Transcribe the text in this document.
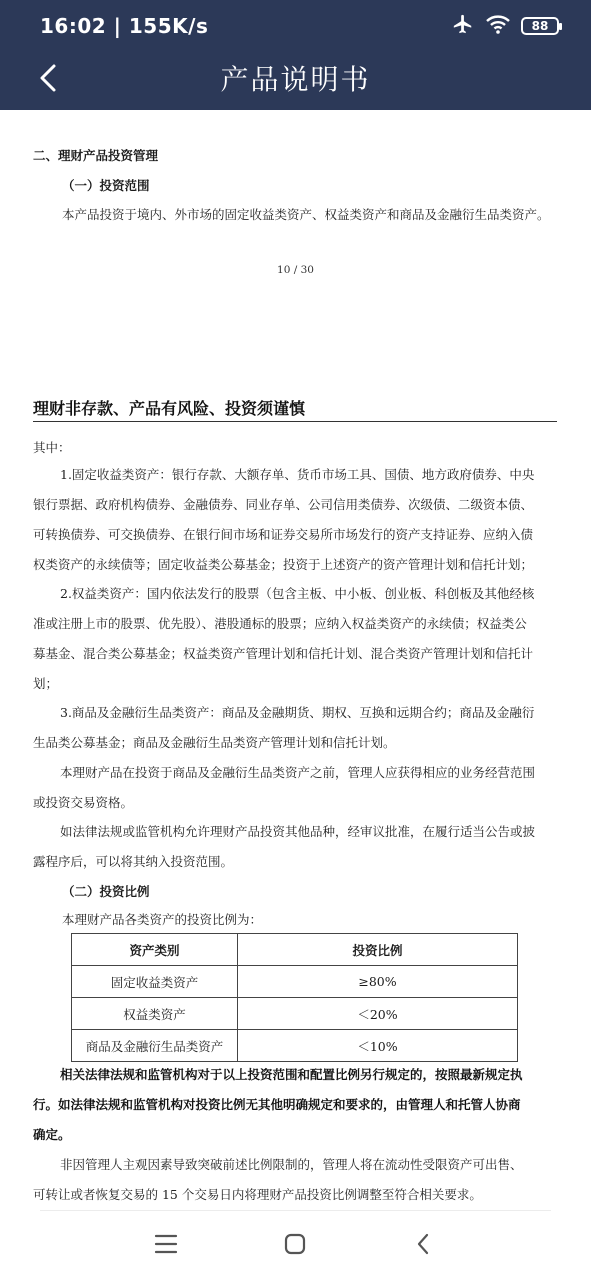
16:02 | 155K/s	88
产品说明书
二、理财产品投资管理
（一）投资范围
本产品投资于境内、外市场的固定收益类资产、权益类资产和商品及金融衍生品类资产。
10 / 30
理财非存款、产品有风险、投资须谨慎
其中：
1.固定收益类资产：银行存款、大额存单、货币市场工具、国债、地方政府债券、中央
银行票据、政府机构债券、金融债券、同业存单、公司信用类债券、次级债、二级资本债、
可转换债券、可交换债券、在银行间市场和证券交易所市场发行的资产支持证券、应纳入债
权类资产的永续债等；固定收益类公募基金；投资于上述资产的资产管理计划和信托计划；
2.权益类资产：国内依法发行的股票（包含主板、中小板、创业板、科创板及其他经核
准或注册上市的股票、优先股）、港股通标的股票；应纳入权益类资产的永续债；权益类公
募基金、混合类公募基金；权益类资产管理计划和信托计划、混合类资产管理计划和信托计
划；
3.商品及金融衍生品类资产：商品及金融期货、期权、互换和远期合约；商品及金融衍
生品类公募基金；商品及金融衍生品类资产管理计划和信托计划。
本理财产品在投资于商品及金融衍生品类资产之前，管理人应获得相应的业务经营范围
或投资交易资格。
如法律法规或监管机构允许理财产品投资其他品种，经审议批准，在履行适当公告或披
露程序后，可以将其纳入投资范围。
（二）投资比例
本理财产品各类资产的投资比例为：
资产类别	投资比例
固定收益类资产	≥80%
权益类资产	＜20%
商品及金融衍生品类资产	＜10%
相关法律法规和监管机构对于以上投资范围和配置比例另行规定的，按照最新规定执
行。如法律法规和监管机构对投资比例无其他明确规定和要求的，由管理人和托管人协商
确定。
非因管理人主观因素导致突破前述比例限制的，管理人将在流动性受限资产可出售、
可转让或者恢复交易的 15 个交易日内将理财产品投资比例调整至符合相关要求。
